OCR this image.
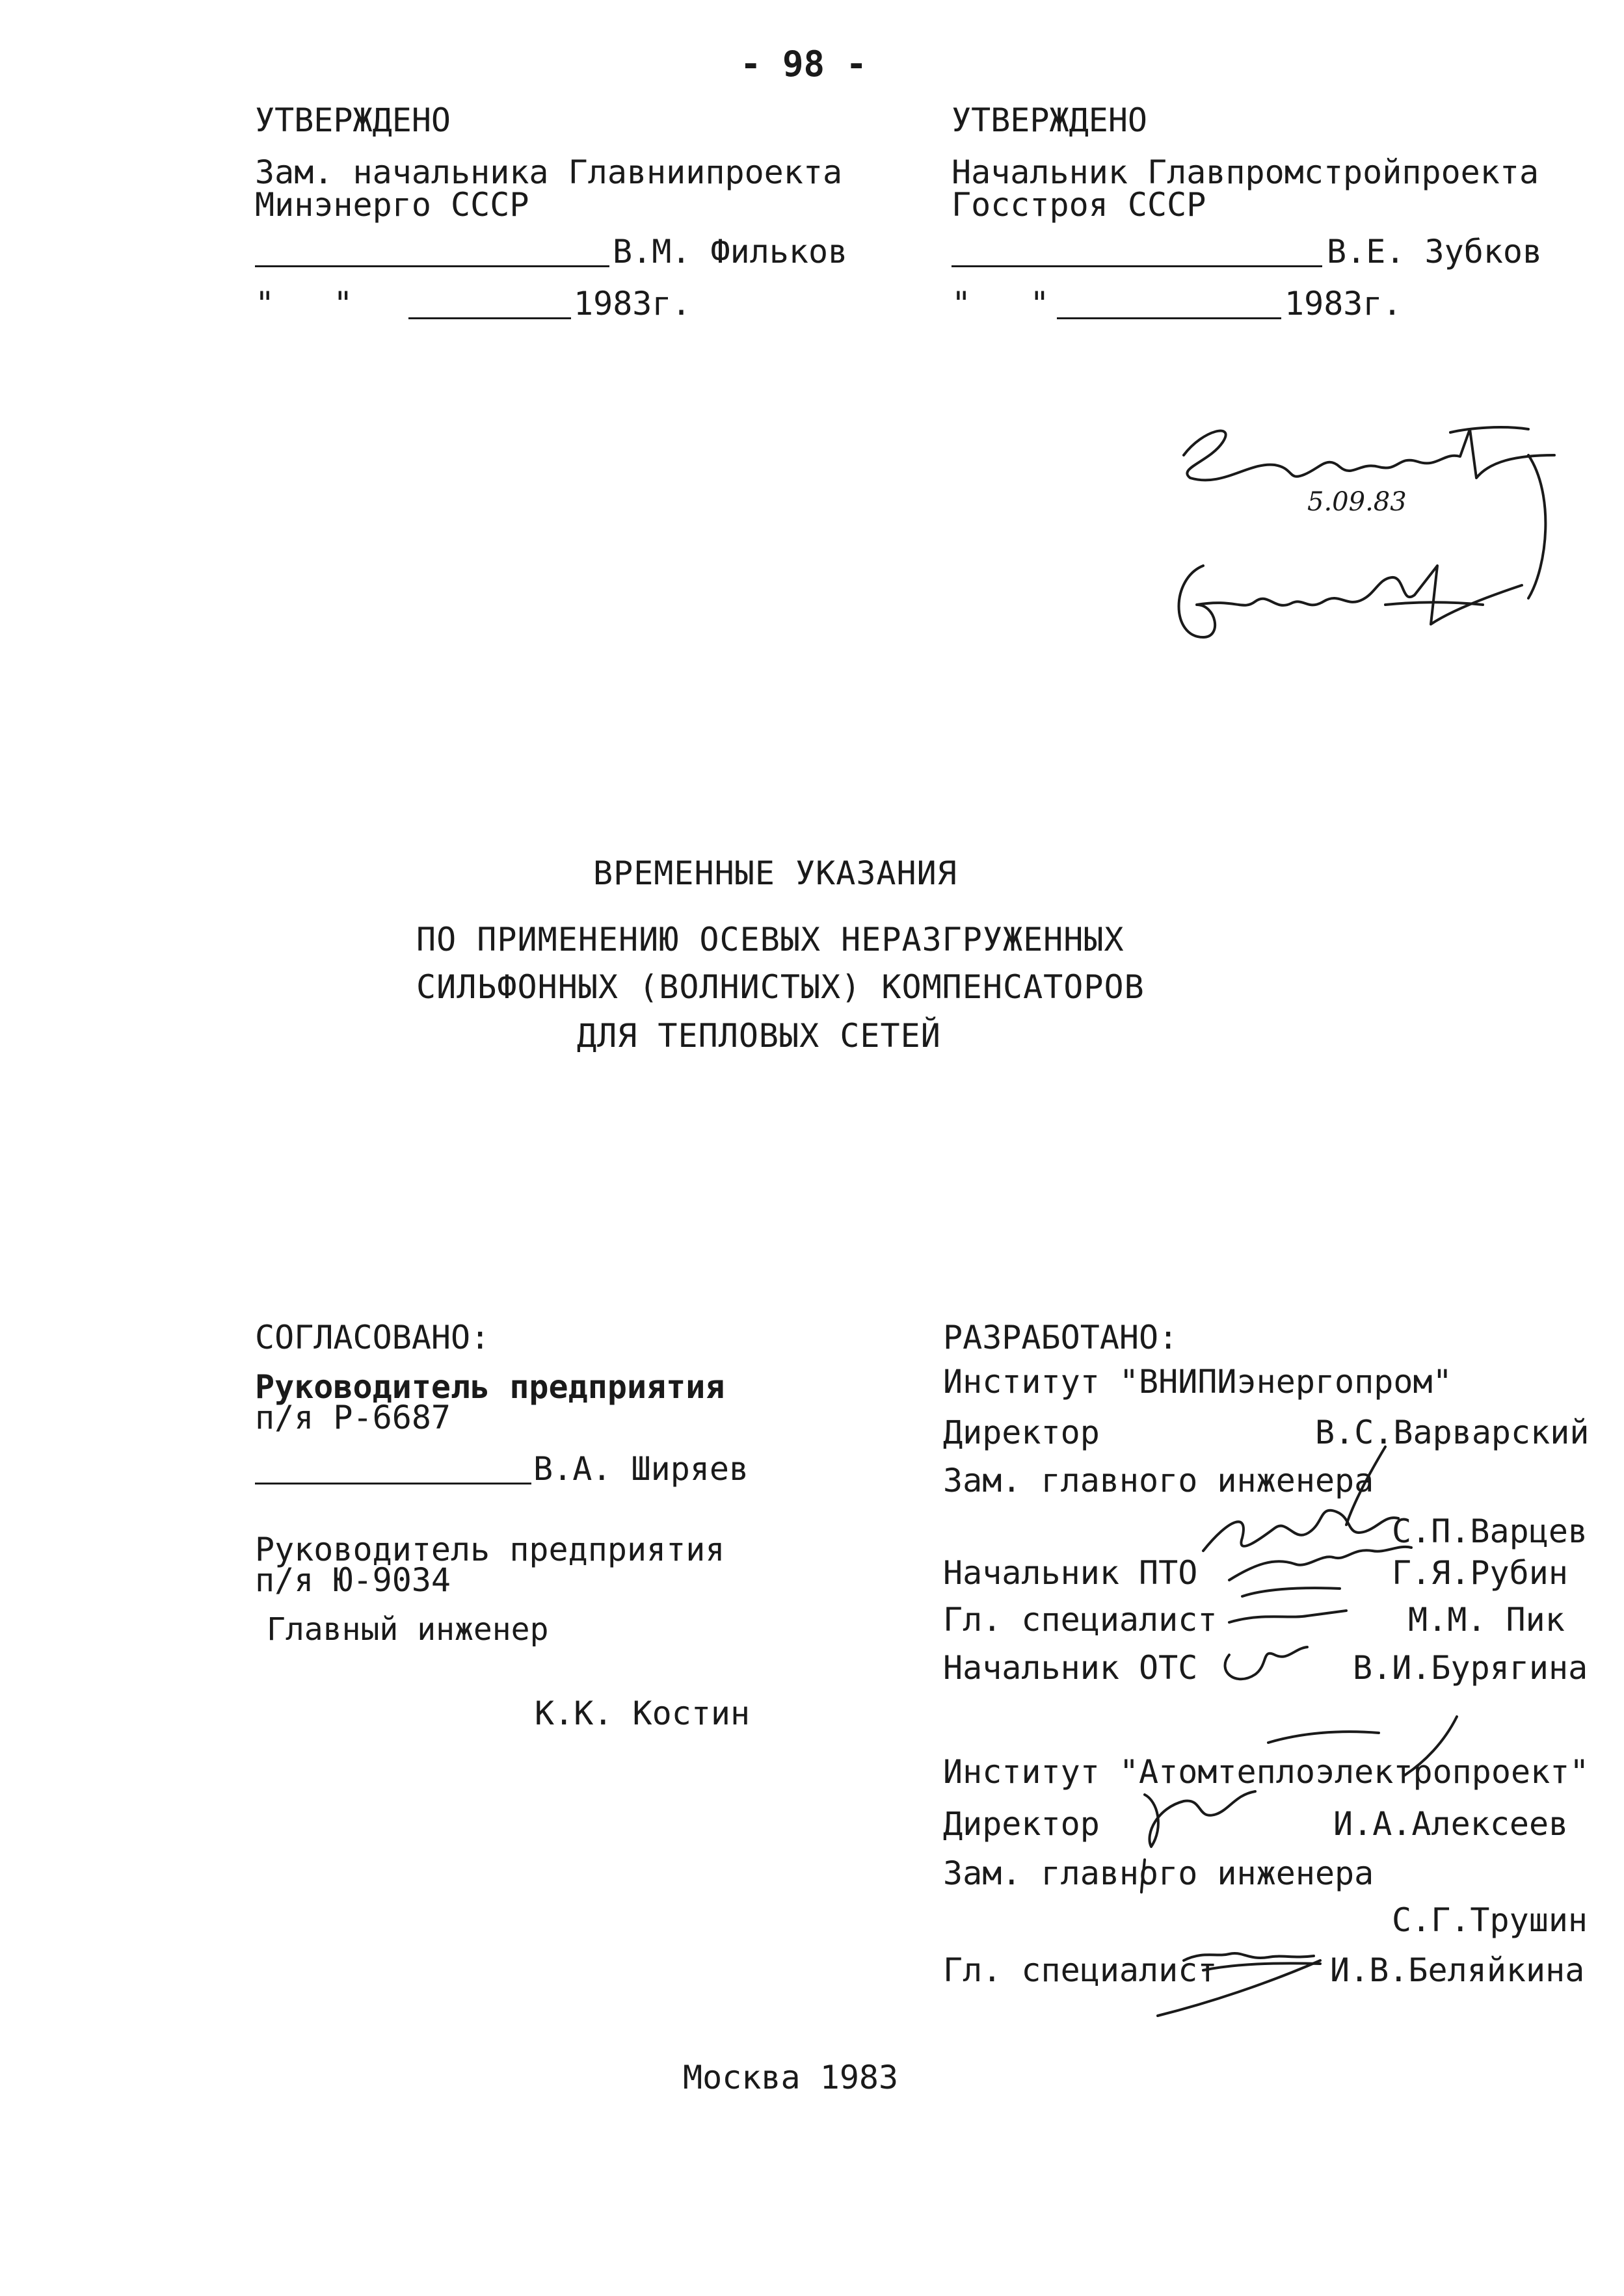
- 98 -
УТВЕРЖДЕНО
Зам. начальника Главниипроекта
Минэнерго СССР
В.М. Фильков
"   "	1983г.
УТВЕРЖДЕНО
Начальник Главпромстройпроекта
Госстроя СССР
В.Е. Зубков
"   "	1983г.
5.09.83
ВРЕМЕННЫЕ УКАЗАНИЯ
ПО ПРИМЕНЕНИЮ ОСЕВЫХ НЕРАЗГРУЖЕННЫХ
СИЛЬФОННЫХ (ВОЛНИСТЫХ) КОМПЕНСАТОРОВ
ДЛЯ ТЕПЛОВЫХ СЕТЕЙ
СОГЛАСОВАНО:
Руководитель предприятия
п/я Р-6687
В.А. Ширяев
Руководитель предприятия
п/я Ю-9034
Главный инженер
К.К. Костин
РАЗРАБОТАНО:
Институт "ВНИПИэнергопром"
Директор	В.С.Варварский
Зам. главного инженера
С.П.Варцев
Начальник ПТО	Г.Я.Рубин
Гл. специалист	М.М. Пик
Начальник ОТС	В.И.Бурягина
Институт "Атомтеплоэлектропроект"
Директор	И.А.Алексеев
Зам. главного инженера
С.Г.Трушин
Гл. специалист	И.В.Беляйкина
Москва 1983
